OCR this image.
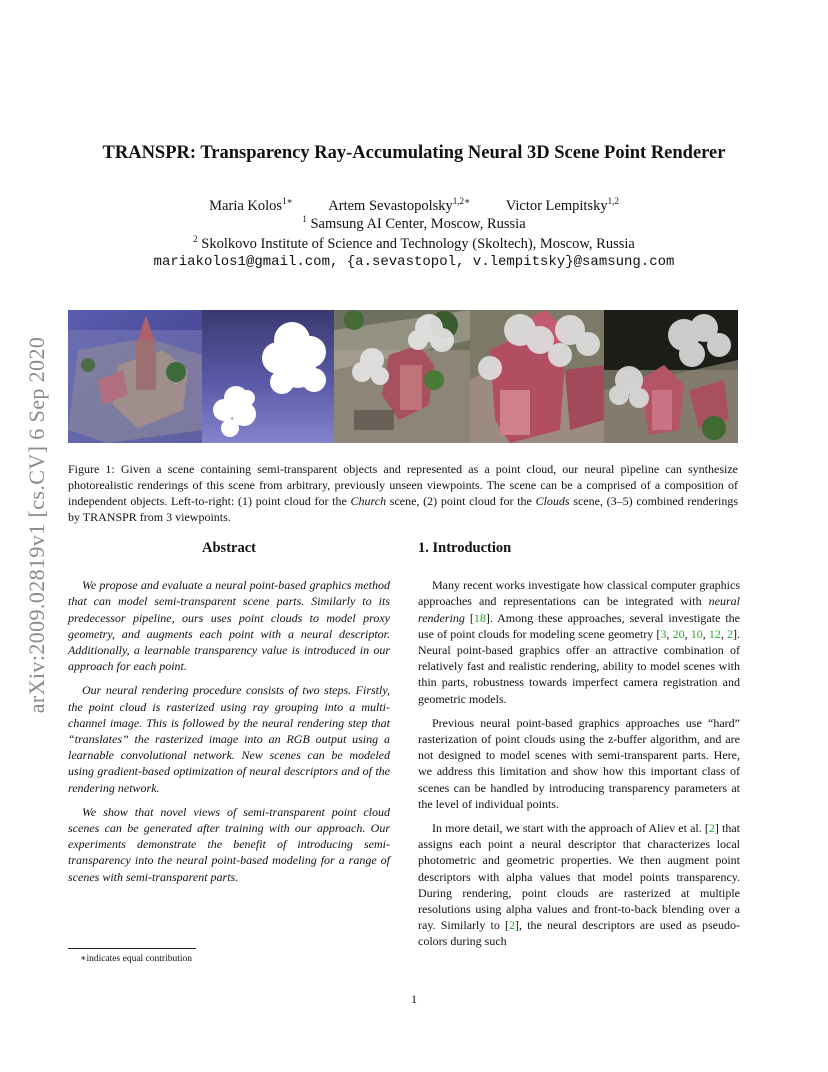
arXiv:2009.02819v1 [cs.CV] 6 Sep 2020
TRANSPR: Transparency Ray-Accumulating Neural 3D Scene Point Renderer
Maria Kolos$^{1∗}$ Artem Sevastopolsky$^{1,2∗}$ Victor Lempitsky$^{1,2}$
$^1$ Samsung AI Center, Moscow, Russia
$^2$ Skolkovo Institute of Science and Technology (Skoltech), Moscow, Russia
mariakolos1@gmail.com, {a.sevastopol, v.lempitsky}@samsung.com
Figure 1: Given a scene containing semi-transparent objects and represented as a point cloud, our neural pipeline can synthesize photorealistic renderings of this scene from arbitrary, previously unseen viewpoints. The scene can be a comprised of a composition of independent objects. Left-to-right: (1) point cloud for the Church scene, (2) point cloud for the Clouds scene, (3–5) combined renderings by TRANSPR from 3 viewpoints.
Abstract

We propose and evaluate a neural point-based graphics method that can model semi-transparent scene parts. Similarly to its predecessor pipeline, ours uses point clouds to model proxy geometry, and augments each point with a neural descriptor. Additionally, a learnable transparency value is introduced in our approach for each point.

Our neural rendering procedure consists of two steps. Firstly, the point cloud is rasterized using ray grouping into a multi-channel image. This is followed by the neural rendering step that “translates” the rasterized image into an RGB output using a learnable convolutional network. New scenes can be modeled using gradient-based optimization of neural descriptors and of the rendering network.

We show that novel views of semi-transparent point cloud scenes can be generated after training with our approach. Our experiments demonstrate the benefit of introducing semi-transparency into the neural point-based modeling for a range of scenes with semi-transparent parts.

1. Introduction

Many recent works investigate how classical computer graphics approaches and representations can be integrated with neural rendering [18]. Among these approaches, several investigate the use of point clouds for modeling scene geometry [3, 20, 10, 12, 2]. Neural point-based graphics offer an attractive combination of relatively fast and realistic rendering, ability to model scenes with thin parts, robustness towards imperfect camera registration and geometric models.

Previous neural point-based graphics approaches use “hard” rasterization of point clouds using the z-buffer algorithm, and are not designed to model scenes with semi-transparent parts. Here, we address this limitation and show how this important class of scenes can be handled by introducing transparency parameters at the level of individual points.

In more detail, we start with the approach of Aliev et al. [2] that assigns each point a neural descriptor that characterizes local photometric and geometric properties. We then augment point descriptors with alpha values that model points transparency. During rendering, point clouds are rasterized at multiple resolutions using alpha values and front-to-back blending over a ray. Similarly to [2], the neural descriptors are used as pseudo-colors during such

∗indicates equal contribution
1
